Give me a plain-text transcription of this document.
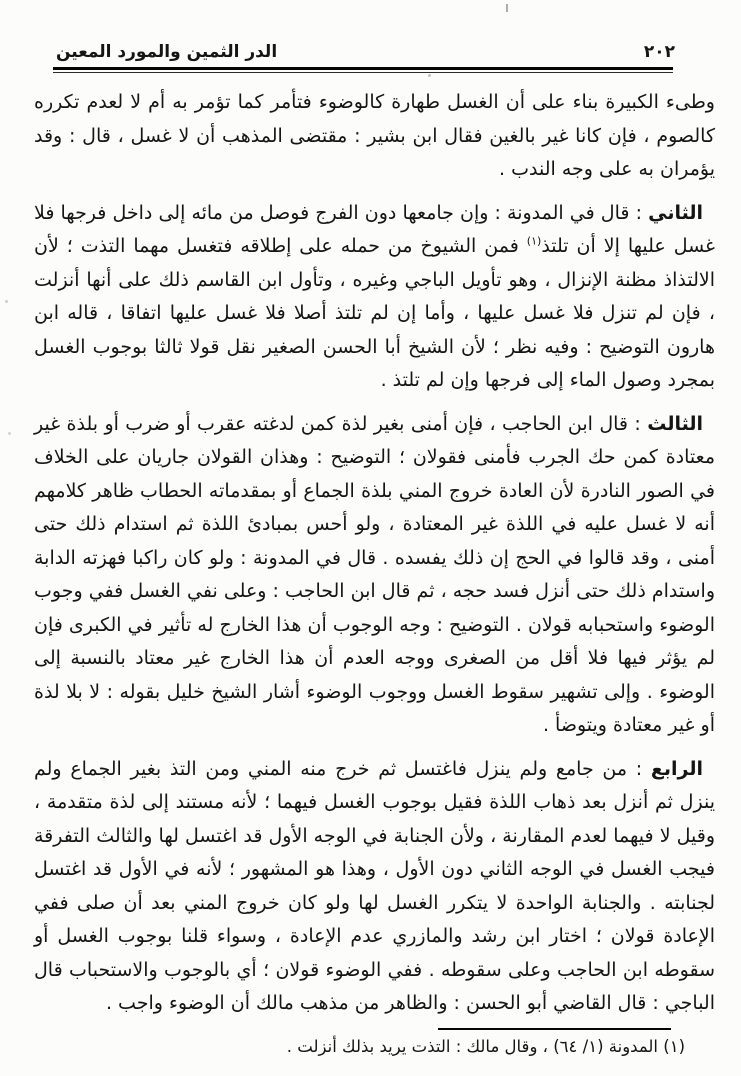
٢٠٢
الدر الثمين والمورد المعين

وطىء الكبيرة بناء على أن الغسل طهارة كالوضوء فتأمر كما تؤمر به أم لا لعدم تكرره كالصوم ، فإن كانا غير بالغين فقال ابن بشير : مقتضى المذهب أن لا غسل ، قال : وقد يؤمران به على وجه الندب .

الثاني : قال في المدونة : وإن جامعها دون الفرج فوصل من مائه إلى داخل فرجها فلا غسل عليها إلا أن تلتذ$^{(١)}$ فمن الشيوخ من حمله على إطلاقه فتغسل مهما التذت ؛ لأن الالتذاذ مظنة الإنزال ، وهو تأويل الباجي وغيره ، وتأول ابن القاسم ذلك على أنها أنزلت ، فإن لم تنزل فلا غسل عليها ، وأما إن لم تلتذ أصلا فلا غسل عليها اتفاقا ، قاله ابن هارون التوضيح : وفيه نظر ؛ لأن الشيخ أبا الحسن الصغير نقل قولا ثالثا بوجوب الغسل بمجرد وصول الماء إلى فرجها وإن لم تلتذ .

الثالث : قال ابن الحاجب ، فإن أمنى بغير لذة كمن لدغته عقرب أو ضرب أو بلذة غير معتادة كمن حك الجرب فأمنى فقولان ؛ التوضيح : وهذان القولان جاريان على الخلاف في الصور النادرة لأن العادة خروج المني بلذة الجماع أو بمقدماته الحطاب ظاهر كلامهم أنه لا غسل عليه في اللذة غير المعتادة ، ولو أحس بمبادئ اللذة ثم استدام ذلك حتى أمنى ، وقد قالوا في الحج إن ذلك يفسده . قال في المدونة : ولو كان راكبا فهزته الدابة واستدام ذلك حتى أنزل فسد حجه ، ثم قال ابن الحاجب : وعلى نفي الغسل ففي وجوب الوضوء واستحبابه قولان . التوضيح : وجه الوجوب أن هذا الخارج له تأثير في الكبرى فإن لم يؤثر فيها فلا أقل من الصغرى ووجه العدم أن هذا الخارج غير معتاد بالنسبة إلى الوضوء . وإلى تشهير سقوط الغسل ووجوب الوضوء أشار الشيخ خليل بقوله : لا بلا لذة أو غير معتادة ويتوضأ .

الرابع : من جامع ولم ينزل فاغتسل ثم خرج منه المني ومن التذ بغير الجماع ولم ينزل ثم أنزل بعد ذهاب اللذة فقيل بوجوب الغسل فيهما ؛ لأنه مستند إلى لذة متقدمة ، وقيل لا فيهما لعدم المقارنة ، ولأن الجنابة في الوجه الأول قد اغتسل لها والثالث التفرقة فيجب الغسل في الوجه الثاني دون الأول ، وهذا هو المشهور ؛ لأنه في الأول قد اغتسل لجنابته . والجنابة الواحدة لا يتكرر الغسل لها ولو كان خروج المني بعد أن صلى ففي الإعادة قولان ؛ اختار ابن رشد والمازري عدم الإعادة ، وسواء قلنا بوجوب الغسل أو سقوطه ابن الحاجب وعلى سقوطه . ففي الوضوء قولان ؛ أي بالوجوب والاستحباب قال الباجي : قال القاضي أبو الحسن : والظاهر من مذهب مالك أن الوضوء واجب .

(١) المدونة (١/ ٦٤) ، وقال مالك : التذت يريد بذلك أنزلت .
